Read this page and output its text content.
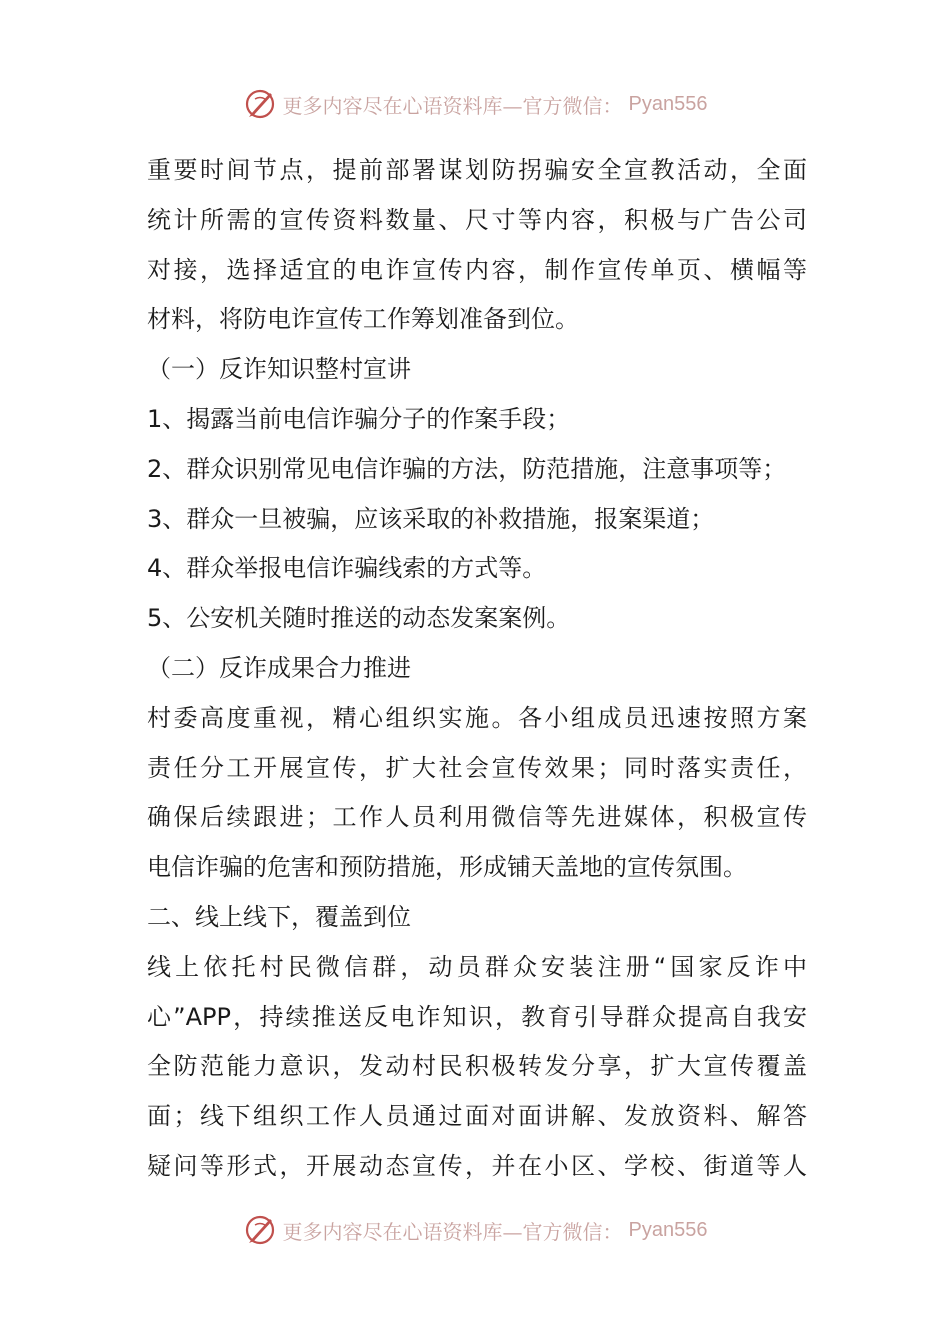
更多内容尽在心语资料库—官方微信： Pyan556
重要时间节点，提前部署谋划防拐骗安全宣教活动，全面
统计所需的宣传资料数量、尺寸等内容，积极与广告公司
对接，选择适宜的电诈宣传内容，制作宣传单页、横幅等
材料，将防电诈宣传工作筹划准备到位。
（一）反诈知识整村宣讲
1、揭露当前电信诈骗分子的作案手段；
2、群众识别常见电信诈骗的方法，防范措施，注意事项等；
3、群众一旦被骗，应该采取的补救措施，报案渠道；
4、群众举报电信诈骗线索的方式等。
5、公安机关随时推送的动态发案案例。
（二）反诈成果合力推进
村委高度重视，精心组织实施。各小组成员迅速按照方案
责任分工开展宣传，扩大社会宣传效果；同时落实责任，
确保后续跟进；工作人员利用微信等先进媒体，积极宣传
电信诈骗的危害和预防措施，形成铺天盖地的宣传氛围。
二、线上线下，覆盖到位
线上依托村民微信群，动员群众安装注册“国家反诈中
心”APP，持续推送反电诈知识，教育引导群众提高自我安
全防范能力意识，发动村民积极转发分享，扩大宣传覆盖
面；线下组织工作人员通过面对面讲解、发放资料、解答
疑问等形式，开展动态宣传，并在小区、学校、街道等人
更多内容尽在心语资料库—官方微信： Pyan556
